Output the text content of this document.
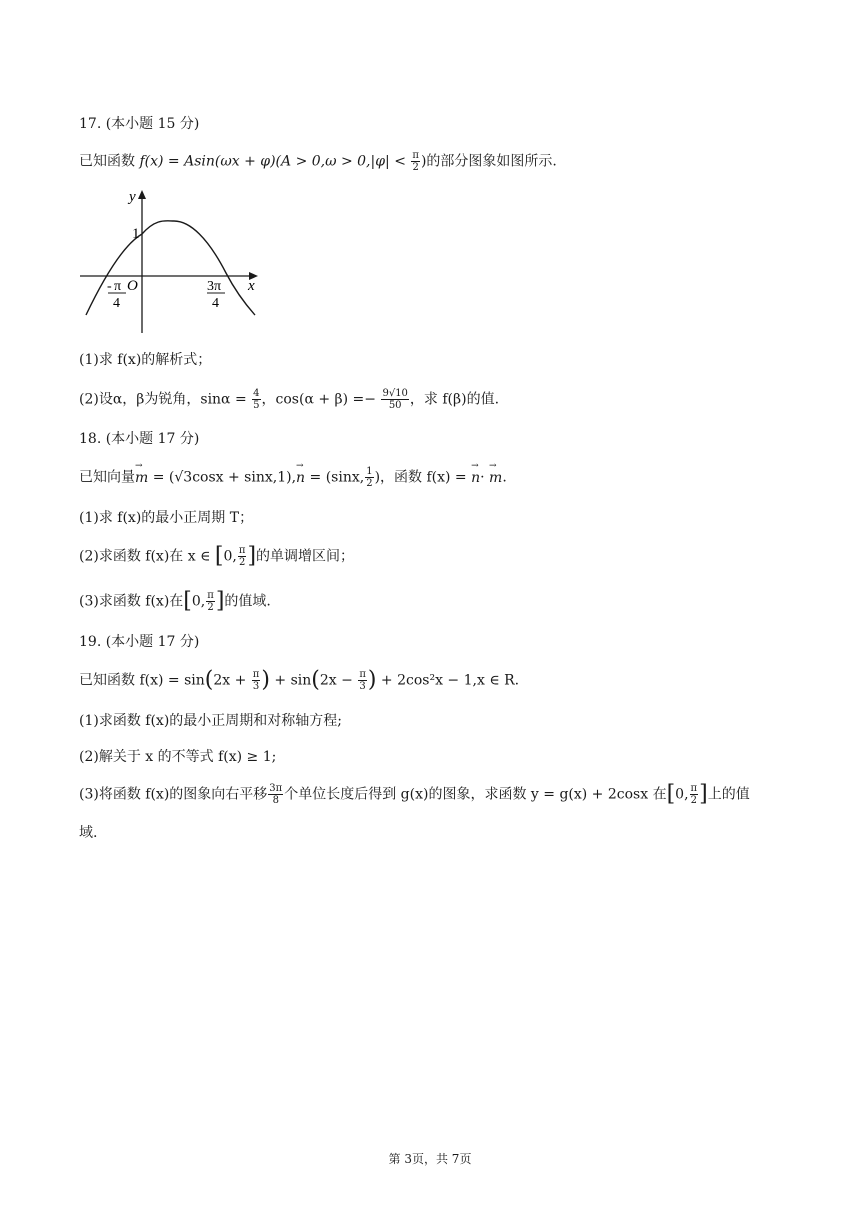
17. (本小题 15 分)
已知函数 $f(x) = Asin(\omega x + \varphi)(A > 0,\omega > 0,|\varphi| < \frac{\pi}{2}$ )的部分图象如图所示.
y
1
O	x
- π
4
3π
4
(1)求 f(x)的解析式；
(2)设α，β为锐角，$\sin\alpha = \frac{4}{5}$ ，$\cos(\alpha + \beta) =- \frac{9√10}{50}$ ，求 f(β)的值.
18. (本小题 17 分)
已知向量→ m = (√3cosx + sinx,1),→ n = (sinx, $\frac{1}{2}$ )，函数 f(x) = → n· → m.
(1)求 f(x)的最小正周期 T；
(2)求函数 f(x)在 x ∈ [0, $\frac{\pi}{2}$ ]的单调增区间；
(3)求函数 f(x)在[0, $\frac{\pi}{2}$ ]的值域.
19. (本小题 17 分)
已知函数 $f(x) = \sin(2x + \frac{\pi}{3}$ ) + $\sin(2x - \frac{\pi}{3}$ ) + 2cos²x − 1,x ∈ R.
(1)求函数 f(x)的最小正周期和对称轴方程;
(2)解关于 x 的不等式 f(x) ≥ 1;
(3)将函数 f(x)的图象向右平移 $\frac{3\pi}{8}$ 个单位长度后得到 g(x)的图象，求函数 y = g(x) + 2cosx 在[0, $\frac{\pi}{2}$ ]上的值
域.
第 3页，共 7页
